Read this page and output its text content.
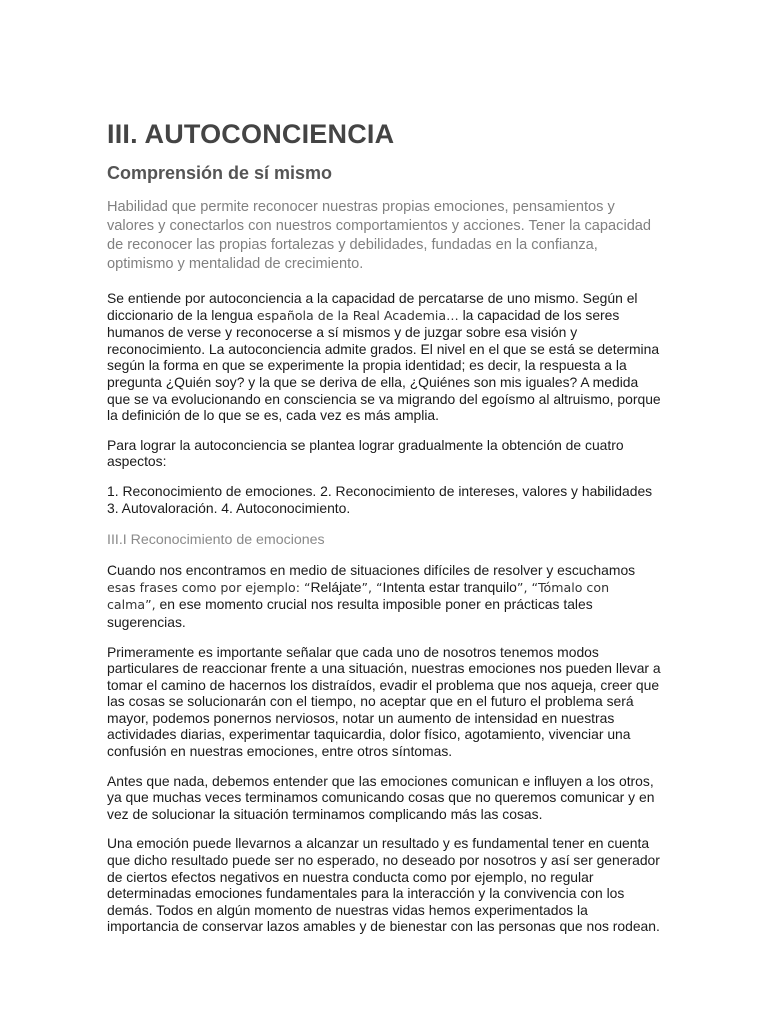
III. AUTOCONCIENCIA
Comprensión de sí mismo

Habilidad que permite reconocer nuestras propias emociones, pensamientos y valores y conectarlos con nuestros comportamientos y acciones. Tener la capacidad de reconocer las propias fortalezas y debilidades, fundadas en la confianza, optimismo y mentalidad de crecimiento.

Se entiende por autoconciencia a la capacidad de percatarse de uno mismo. Según el diccionario de la lengua española de la Real Academia… la capacidad de los seres humanos de verse y reconocerse a sí mismos y de juzgar sobre esa visión y reconocimiento. La autoconciencia admite grados. El nivel en el que se está se determina según la forma en que se experimente la propia identidad; es decir, la respuesta a la pregunta ¿Quién soy? y la que se deriva de ella, ¿Quiénes son mis iguales? A medida que se va evolucionando en consciencia se va migrando del egoísmo al altruismo, porque la definición de lo que se es, cada vez es más amplia.

Para lograr la autoconciencia se plantea lograr gradualmente la obtención de cuatro aspectos:

1. Reconocimiento de emociones. 2. Reconocimiento de intereses, valores y habilidades 3. Autovaloración. 4. Autoconocimiento.

III.I Reconocimiento de emociones

Cuando nos encontramos en medio de situaciones difíciles de resolver y escuchamos esas frases como por ejemplo: “Relájate”, “Intenta estar tranquilo”, “Tómalo con calma”, en ese momento crucial nos resulta imposible poner en prácticas tales sugerencias.

Primeramente es importante señalar que cada uno de nosotros tenemos modos particulares de reaccionar frente a una situación, nuestras emociones nos pueden llevar a tomar el camino de hacernos los distraídos, evadir el problema que nos aqueja, creer que las cosas se solucionarán con el tiempo, no aceptar que en el futuro el problema será mayor, podemos ponernos nerviosos, notar un aumento de intensidad en nuestras actividades diarias, experimentar taquicardia, dolor físico, agotamiento, vivenciar una confusión en nuestras emociones, entre otros síntomas.

Antes que nada, debemos entender que las emociones comunican e influyen a los otros, ya que muchas veces terminamos comunicando cosas que no queremos comunicar y en vez de solucionar la situación terminamos complicando más las cosas.

Una emoción puede llevarnos a alcanzar un resultado y es fundamental tener en cuenta que dicho resultado puede ser no esperado, no deseado por nosotros y así ser generador de ciertos efectos negativos en nuestra conducta como por ejemplo, no regular determinadas emociones fundamentales para la interacción y la convivencia con los demás. Todos en algún momento de nuestras vidas hemos experimentados la importancia de conservar lazos amables y de bienestar con las personas que nos rodean.
